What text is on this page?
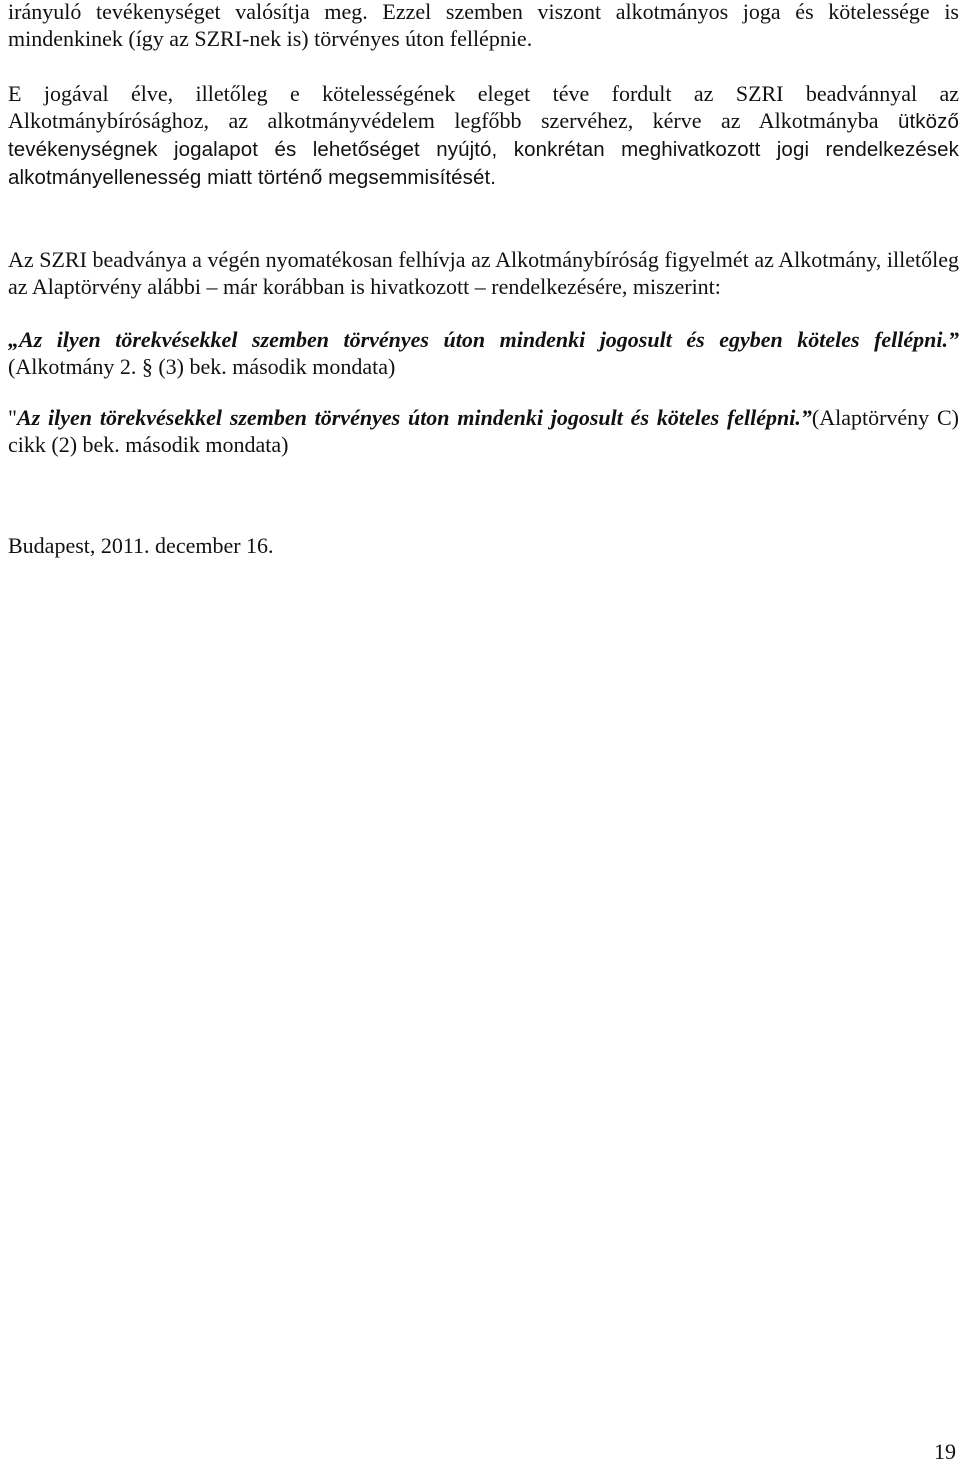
irányuló tevékenységet valósítja meg. Ezzel szemben viszont alkotmányos joga és kötelessége is mindenkinek (így az SZRI-nek is) törvényes úton fellépnie.

E jogával élve, illetőleg e kötelességének eleget téve fordult az SZRI beadvánnyal az Alkotmánybírósághoz, az alkotmányvédelem legfőbb szervéhez, kérve az Alkotmányba ütköző tevékenységnek jogalapot és lehetőséget nyújtó, konkrétan meghivatkozott jogi rendelkezések alkotmányellenesség miatt történő megsemmisítését.

Az SZRI beadványa a végén nyomatékosan felhívja az Alkotmánybíróság figyelmét az Alkotmány, illetőleg az Alaptörvény alábbi – már korábban is hivatkozott – rendelkezésére, miszerint:

„Az ilyen törekvésekkel szemben törvényes úton mindenki jogosult és egyben köteles fellépni.” (Alkotmány 2. § (3) bek. második mondata)

"Az ilyen törekvésekkel szemben törvényes úton mindenki jogosult és köteles fellépni.”(Alaptörvény C) cikk (2) bek. második mondata)

Budapest, 2011. december 16.
19
